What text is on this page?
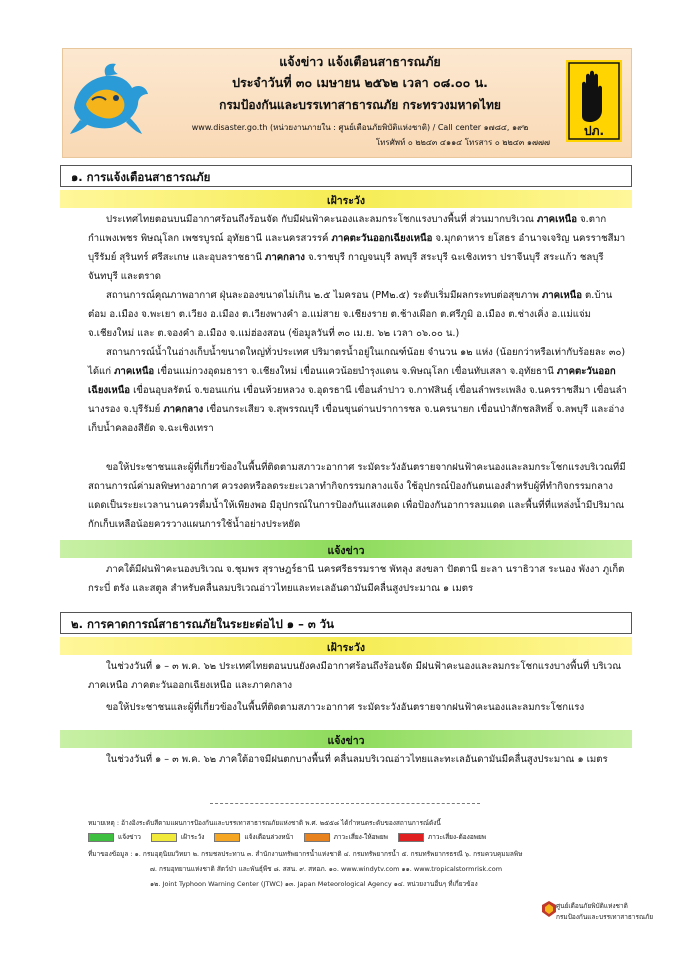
ปภ.
แจ้งข่าว แจ้งเตือนสาธารณภัย
ประจำวันที่ ๓๐ เมษายน ๒๕๖๒ เวลา ๐๘.๐๐ น.
กรมป้องกันและบรรเทาสาธารณภัย กระทรวงมหาดไทย
www.disaster.go.th (หน่วยงานภายใน : ศูนย์เตือนภัยพิบัติแห่งชาติ) / Call center ๑๗๘๔, ๑๙๒
โทรศัพท์ ๐ ๒๒๔๓ ๔๑๑๔ โทรสาร ๐ ๒๒๔๓ ๑๗๗๗
๑. การแจ้งเตือนสาธารณภัย
เฝ้าระวัง
ประเทศไทยตอนบนมีอากาศร้อนถึงร้อนจัด กับมีฝนฟ้าคะนองและลมกระโชกแรงบางพื้นที่ ส่วนมากบริเวณ ภาคเหนือ จ.ตาก กำแพงเพชร พิษณุโลก เพชรบูรณ์ อุทัยธานี และนครสวรรค์ ภาคตะวันออกเฉียงเหนือ จ.มุกดาหาร ยโสธร อำนาจเจริญ นครราชสีมา บุรีรัมย์ สุรินทร์ ศรีสะเกษ และอุบลราชธานี ภาคกลาง จ.ราชบุรี กาญจนบุรี ลพบุรี สระบุรี ฉะเชิงเทรา ปราจีนบุรี สระแก้ว ชลบุรี จันทบุรี และตราด
สถานการณ์คุณภาพอากาศ ฝุ่นละอองขนาดไม่เกิน ๒.๕ ไมครอน (PM๒.๕) ระดับเริ่มมีผลกระทบต่อสุขภาพ ภาคเหนือ ต.บ้านต๋อม อ.เมือง จ.พะเยา ต.เวียง อ.เมือง ต.เวียงพางคำ อ.แม่สาย จ.เชียงราย ต.ช้างเผือก ต.ศรีภูมิ อ.เมือง ต.ช่างเคิ่ง อ.แม่แจ่ม จ.เชียงใหม่ และ ต.จองคำ อ.เมือง จ.แม่ฮ่องสอน (ข้อมูลวันที่ ๓๐ เม.ย. ๖๒ เวลา ๐๖.๐๐ น.)
สถานการณ์น้ำในอ่างเก็บน้ำขนาดใหญ่ทั่วประเทศ ปริมาตรน้ำอยู่ในเกณฑ์น้อย จำนวน ๑๒ แห่ง (น้อยกว่าหรือเท่ากับร้อยละ ๓๐) ได้แก่ ภาคเหนือ เขื่อนแม่กวงอุดมธารา จ.เชียงใหม่ เขื่อนแควน้อยบำรุงแดน จ.พิษณุโลก เขื่อนทับเสลา จ.อุทัยธานี ภาคตะวันออกเฉียงเหนือ เขื่อนอุบลรัตน์ จ.ขอนแก่น เขื่อนห้วยหลวง จ.อุดรธานี เขื่อนลำปาว จ.กาฬสินธุ์ เขื่อนลำพระเพลิง จ.นครราชสีมา เขื่อนลำนางรอง จ.บุรีรัมย์ ภาคกลาง เขื่อนกระเสียว จ.สุพรรณบุรี เขื่อนขุนด่านปราการชล จ.นครนายก เขื่อนป่าสักชลสิทธิ์ จ.ลพบุรี และอ่างเก็บน้ำคลองสียัด จ.ฉะเชิงเทรา
ขอให้ประชาชนและผู้ที่เกี่ยวข้องในพื้นที่ติดตามสภาวะอากาศ ระมัดระวังอันตรายจากฝนฟ้าคะนองและลมกระโชกแรงบริเวณที่มีสถานการณ์ค่ามลพิษทางอากาศ ควรงดหรือลดระยะเวลาทำกิจกรรมกลางแจ้ง ใช้อุปกรณ์ป้องกันตนเองสำหรับผู้ที่ทำกิจกรรมกลางแดดเป็นระยะเวลานานควรดื่มน้ำให้เพียงพอ มีอุปกรณ์ในการป้องกันแสงแดด เพื่อป้องกันอาการลมแดด และพื้นที่ที่แหล่งน้ำมีปริมาณกักเก็บเหลือน้อยควรวางแผนการใช้น้ำอย่างประหยัด
แจ้งข่าว
ภาคใต้มีฝนฟ้าคะนองบริเวณ จ.ชุมพร สุราษฎร์ธานี นครศรีธรรมราช พัทลุง สงขลา ปัตตานี ยะลา นราธิวาส ระนอง พังงา ภูเก็ต กระบี่ ตรัง และสตูล สำหรับคลื่นลมบริเวณอ่าวไทยและทะเลอันดามันมีคลื่นสูงประมาณ ๑ เมตร
๒. การคาดการณ์สาธารณภัยในระยะต่อไป ๑ – ๓ วัน
เฝ้าระวัง
ในช่วงวันที่ ๑ – ๓ พ.ค. ๖๒ ประเทศไทยตอนบนยังคงมีอากาศร้อนถึงร้อนจัด มีฝนฟ้าคะนองและลมกระโชกแรงบางพื้นที่ บริเวณภาคเหนือ ภาคตะวันออกเฉียงเหนือ และภาคกลาง
ขอให้ประชาชนและผู้ที่เกี่ยวข้องในพื้นที่ติดตามสภาวะอากาศ ระมัดระวังอันตรายจากฝนฟ้าคะนองและลมกระโชกแรง
แจ้งข่าว
ในช่วงวันที่ ๑ – ๓ พ.ค. ๖๒ ภาคใต้อาจมีฝนตกบางพื้นที่ คลื่นลมบริเวณอ่าวไทยและทะเลอันดามันมีคลื่นสูงประมาณ ๑ เมตร
หมายเหตุ : อ้างอิงระดับสีตามแผนการป้องกันและบรรเทาสาธารณภัยแห่งชาติ พ.ศ. ๒๕๕๘ ได้กำหนดระดับของสถานการณ์ดังนี้
แจ้งข่าว	เฝ้าระวัง	แจ้งเตือนล่วงหน้า	ภาวะเสี่ยง-ให้อพยพ	ภาวะเสี่ยง-ต้องอพยพ
ที่มาของข้อมูล : ๑. กรมอุตุนิยมวิทยา ๒. กรมชลประทาน ๓. สำนักงานทรัพยากรน้ำแห่งชาติ ๔. กรมทรัพยากรน้ำ ๕. กรมทรัพยากรธรณี ๖. กรมควบคุมมลพิษ
๗. กรมอุทยานแห่งชาติ สัตว์ป่า และพันธุ์พืช ๘. สสน. ๙. สทอภ. ๑๐. www.windytv.com ๑๑. www.tropicalstormrisk.com
๑๒. Joint Typhoon Warning Center (JTWC) ๑๓. Japan Meteorological Agency ๑๔. หน่วยงานอื่นๆ ที่เกี่ยวข้อง
ศูนย์เตือนภัยพิบัติแห่งชาติ
กรมป้องกันและบรรเทาสาธารณภัย
